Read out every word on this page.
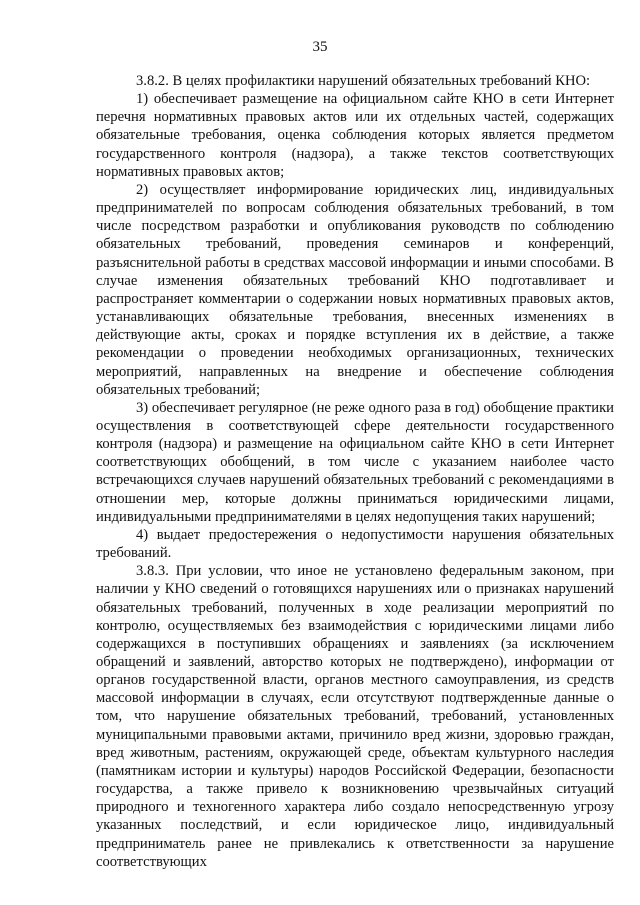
35

3.8.2. В целях профилактики нарушений обязательных требований КНО:

1) обеспечивает размещение на официальном сайте КНО в сети Интернет перечня нормативных правовых актов или их отдельных частей, содержащих обязательные требования, оценка соблюдения которых является предметом государственного контроля (надзора), а также текстов соответствующих нормативных правовых актов;

2) осуществляет информирование юридических лиц, индивидуальных предпринимателей по вопросам соблюдения обязательных требований, в том числе посредством разработки и опубликования руководств по соблюдению обязательных требований, проведения семинаров и конференций, разъяснительной работы в средствах массовой информации и иными способами. В случае изменения обязательных требований КНО подготавливает и распространяет комментарии о содержании новых нормативных правовых актов, устанавливающих обязательные требования, внесенных изменениях в действующие акты, сроках и порядке вступления их в действие, а также рекомендации о проведении необходимых организационных, технических мероприятий, направленных на внедрение и обеспечение соблюдения обязательных требований;

3) обеспечивает регулярное (не реже одного раза в год) обобщение практики осуществления в соответствующей сфере деятельности государственного контроля (надзора) и размещение на официальном сайте КНО в сети Интернет соответствующих обобщений, в том числе с указанием наиболее часто встречающихся случаев нарушений обязательных требований с рекомендациями в отношении мер, которые должны приниматься юридическими лицами, индивидуальными предпринимателями в целях недопущения таких нарушений;

4) выдает предостережения о недопустимости нарушения обязательных требований.

3.8.3. При условии, что иное не установлено федеральным законом, при наличии у КНО сведений о готовящихся нарушениях или о признаках нарушений обязательных требований, полученных в ходе реализации мероприятий по контролю, осуществляемых без взаимодействия с юридическими лицами либо содержащихся в поступивших обращениях и заявлениях (за исключением обращений и заявлений, авторство которых не подтверждено), информации от органов государственной власти, органов местного самоуправления, из средств массовой информации в случаях, если отсутствуют подтвержденные данные о том, что нарушение обязательных требований, требований, установленных муниципальными правовыми актами, причинило вред жизни, здоровью граждан, вред животным, растениям, окружающей среде, объектам культурного наследия (памятникам истории и культуры) народов Российской Федерации, безопасности государства, а также привело к возникновению чрезвычайных ситуаций природного и техногенного характера либо создало непосредственную угрозу указанных последствий, и если юридическое лицо, индивидуальный предприниматель ранее не привлекались к ответственности за нарушение соответствующих
